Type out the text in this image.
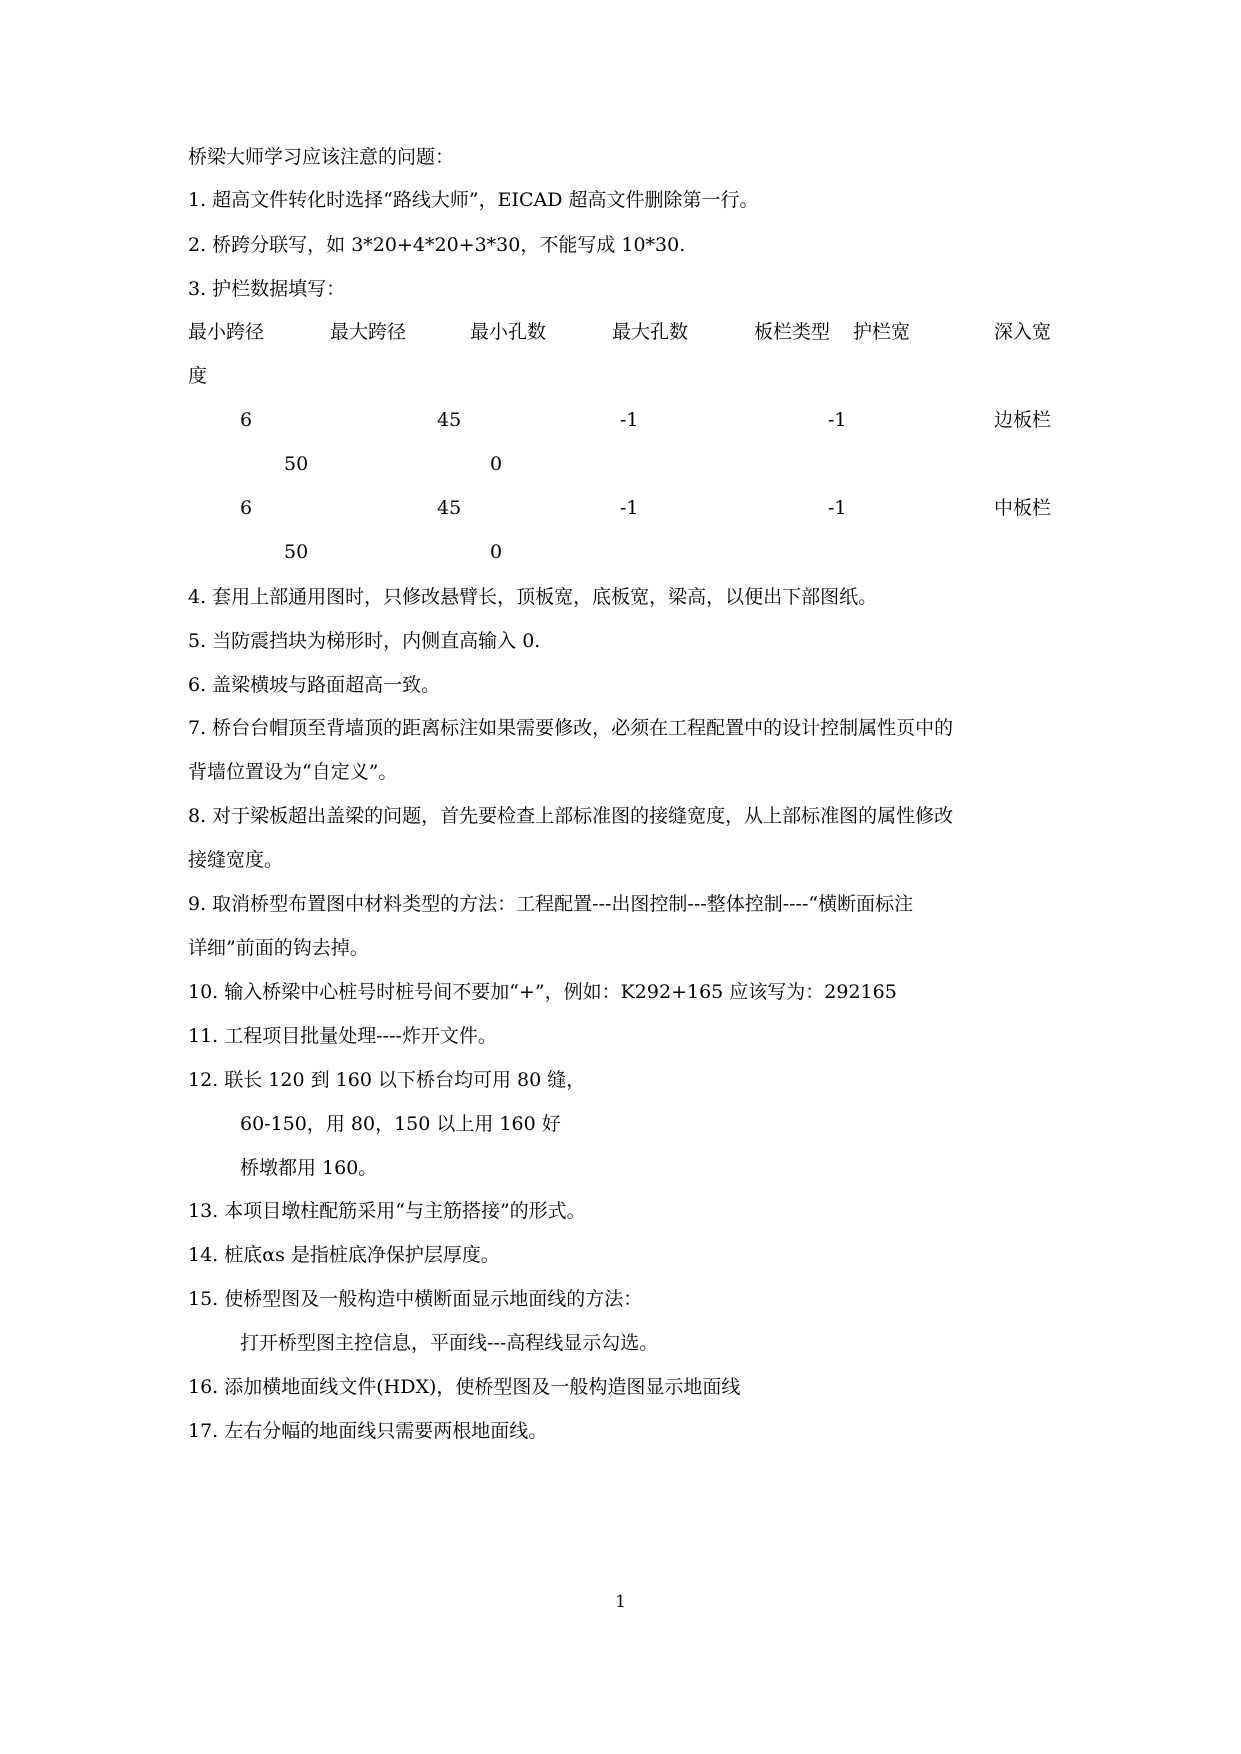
桥梁大师学习应该注意的问题：
1. 超高文件转化时选择“路线大师”，EICAD 超高文件删除第一行。
2. 桥跨分联写，如 3*20+4*20+3*30，不能写成 10*30.
3. 护栏数据填写：
最小跨径	最大跨径	最小孔数	最大孔数	板栏类型 护栏宽	深入宽
度
6	45	-1	-1	边板栏
50	0
6	45	-1	-1	中板栏
50	0
4. 套用上部通用图时，只修改悬臂长，顶板宽，底板宽，梁高，以便出下部图纸。
5. 当防震挡块为梯形时，内侧直高输入 0.
6. 盖梁横坡与路面超高一致。
7. 桥台台帽顶至背墙顶的距离标注如果需要修改，必须在工程配置中的设计控制属性页中的
背墙位置设为“自定义”。
8. 对于梁板超出盖梁的问题，首先要检查上部标准图的接缝宽度，从上部标准图的属性修改
接缝宽度。
9. 取消桥型布置图中材料类型的方法：工程配置---出图控制---整体控制----“横断面标注
详细”前面的钩去掉。
10. 输入桥梁中心桩号时桩号间不要加“+”，例如：K292+165 应该写为：292165
11. 工程项目批量处理----炸开文件。
12. 联长 120 到 160 以下桥台均可用 80 缝，
60-150，用 80，150 以上用 160 好
桥墩都用 160。
13. 本项目墩柱配筋采用“与主筋搭接”的形式。
14. 桩底αs 是指桩底净保护层厚度。
15. 使桥型图及一般构造中横断面显示地面线的方法：
打开桥型图主控信息，平面线---高程线显示勾选。
16. 添加横地面线文件(HDX)，使桥型图及一般构造图显示地面线
17. 左右分幅的地面线只需要两根地面线。
1
